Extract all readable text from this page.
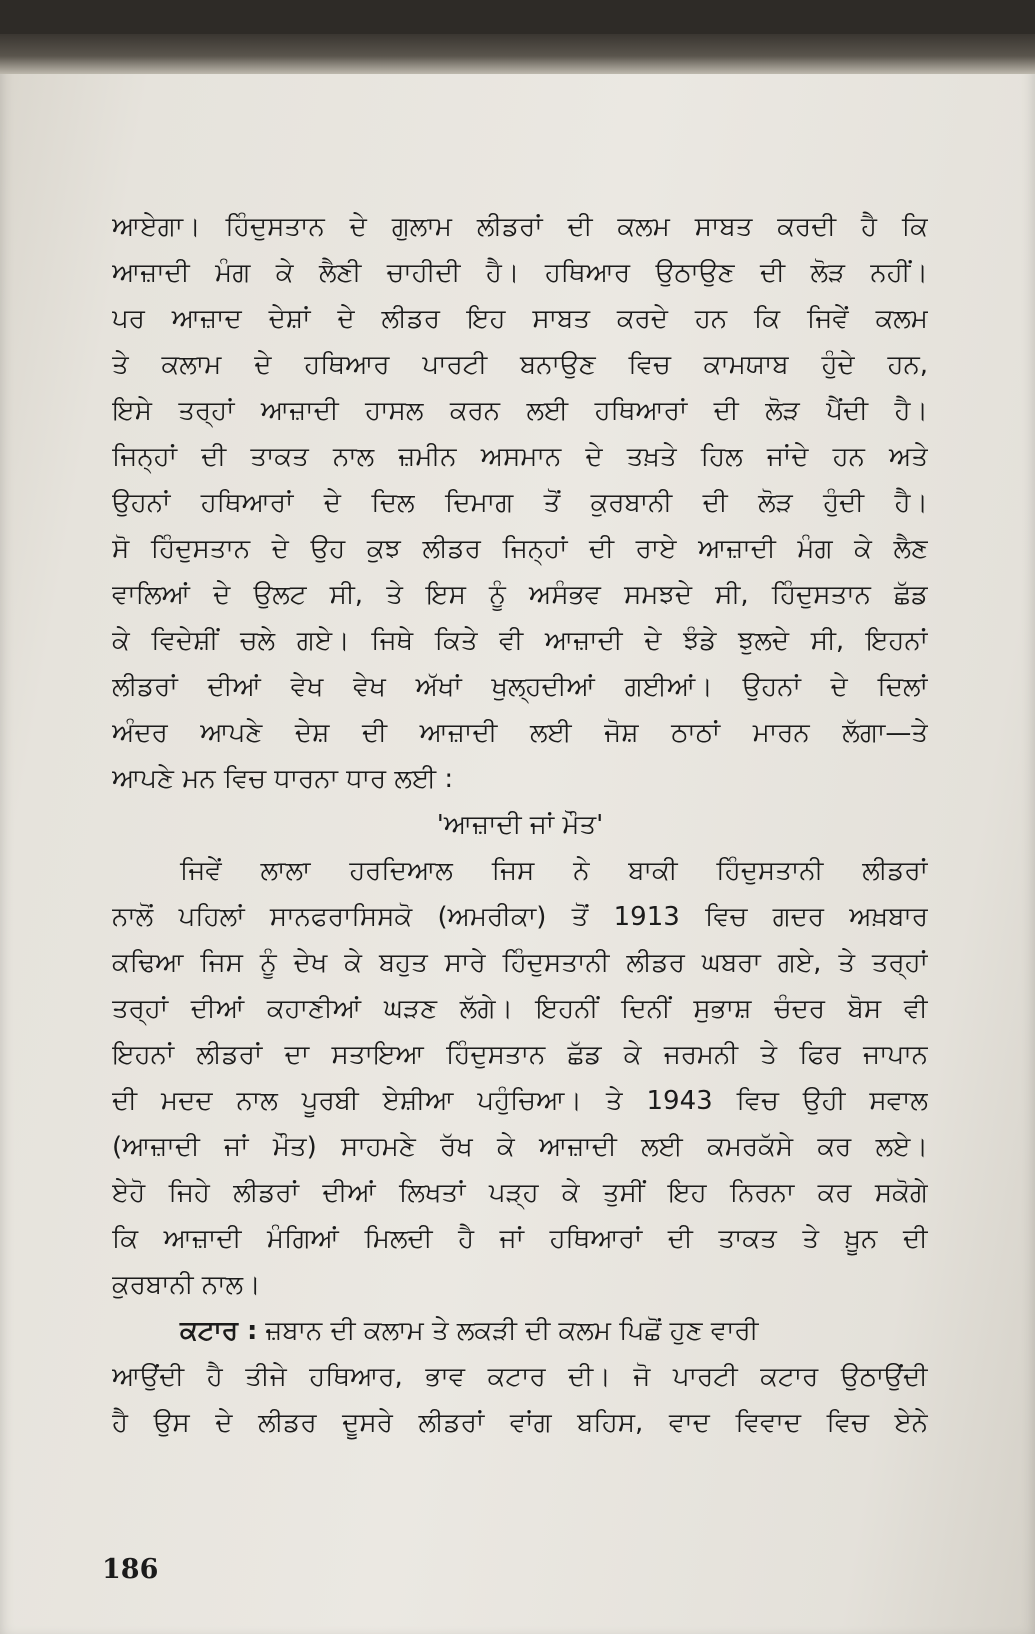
ਆਏਗਾ। ਹਿੰਦੁਸਤਾਨ ਦੇ ਗੁਲਾਮ ਲੀਡਰਾਂ ਦੀ ਕਲਮ ਸਾਬਤ ਕਰਦੀ ਹੈ ਕਿ
ਆਜ਼ਾਦੀ ਮੰਗ ਕੇ ਲੈਣੀ ਚਾਹੀਦੀ ਹੈ। ਹਥਿਆਰ ਉਠਾਉਣ ਦੀ ਲੋੜ ਨਹੀਂ।
ਪਰ ਆਜ਼ਾਦ ਦੇਸ਼ਾਂ ਦੇ ਲੀਡਰ ਇਹ ਸਾਬਤ ਕਰਦੇ ਹਨ ਕਿ ਜਿਵੇਂ ਕਲਮ
ਤੇ ਕਲਾਮ ਦੇ ਹਥਿਆਰ ਪਾਰਟੀ ਬਨਾਉਣ ਵਿਚ ਕਾਮਯਾਬ ਹੁੰਦੇ ਹਨ,
ਇਸੇ ਤਰ੍ਹਾਂ ਆਜ਼ਾਦੀ ਹਾਸਲ ਕਰਨ ਲਈ ਹਥਿਆਰਾਂ ਦੀ ਲੋੜ ਪੈਂਦੀ ਹੈ।
ਜਿਨ੍ਹਾਂ ਦੀ ਤਾਕਤ ਨਾਲ ਜ਼ਮੀਨ ਅਸਮਾਨ ਦੇ ਤਖ਼ਤੇ ਹਿਲ ਜਾਂਦੇ ਹਨ ਅਤੇ
ਉਹਨਾਂ ਹਥਿਆਰਾਂ ਦੇ ਦਿਲ ਦਿਮਾਗ ਤੋਂ ਕੁਰਬਾਨੀ ਦੀ ਲੋੜ ਹੁੰਦੀ ਹੈ।
ਸੋ ਹਿੰਦੁਸਤਾਨ ਦੇ ਉਹ ਕੁਝ ਲੀਡਰ ਜਿਨ੍ਹਾਂ ਦੀ ਰਾਏ ਆਜ਼ਾਦੀ ਮੰਗ ਕੇ ਲੈਣ
ਵਾਲਿਆਂ ਦੇ ਉਲਟ ਸੀ, ਤੇ ਇਸ ਨੂੰ ਅਸੰਭਵ ਸਮਝਦੇ ਸੀ, ਹਿੰਦੁਸਤਾਨ ਛੱਡ
ਕੇ ਵਿਦੇਸ਼ੀਂ ਚਲੇ ਗਏ। ਜਿਥੇ ਕਿਤੇ ਵੀ ਆਜ਼ਾਦੀ ਦੇ ਝੰਡੇ ਝੁਲਦੇ ਸੀ, ਇਹਨਾਂ
ਲੀਡਰਾਂ ਦੀਆਂ ਵੇਖ ਵੇਖ ਅੱਖਾਂ ਖੁਲ੍ਹਦੀਆਂ ਗਈਆਂ। ਉਹਨਾਂ ਦੇ ਦਿਲਾਂ
ਅੰਦਰ ਆਪਣੇ ਦੇਸ਼ ਦੀ ਆਜ਼ਾਦੀ ਲਈ ਜੋਸ਼ ਠਾਠਾਂ ਮਾਰਨ ਲੱਗਾ—ਤੇ
ਆਪਣੇ ਮਨ ਵਿਚ ਧਾਰਨਾ ਧਾਰ ਲਈ :
'ਆਜ਼ਾਦੀ ਜਾਂ ਮੌਤ'
ਜਿਵੇਂ ਲਾਲਾ ਹਰਦਿਆਲ ਜਿਸ ਨੇ ਬਾਕੀ ਹਿੰਦੁਸਤਾਨੀ ਲੀਡਰਾਂ
ਨਾਲੋਂ ਪਹਿਲਾਂ ਸਾਨਫਰਾਸਿਸਕੋ (ਅਮਰੀਕਾ) ਤੋਂ 1913 ਵਿਚ ਗਦਰ ਅਖ਼ਬਾਰ
ਕਢਿਆ ਜਿਸ ਨੂੰ ਦੇਖ ਕੇ ਬਹੁਤ ਸਾਰੇ ਹਿੰਦੁਸਤਾਨੀ ਲੀਡਰ ਘਬਰਾ ਗਏ, ਤੇ ਤਰ੍ਹਾਂ
ਤਰ੍ਹਾਂ ਦੀਆਂ ਕਹਾਣੀਆਂ ਘੜਣ ਲੱਗੇ। ਇਹਨੀਂ ਦਿਨੀਂ ਸੁਭਾਸ਼ ਚੰਦਰ ਬੋਸ ਵੀ
ਇਹਨਾਂ ਲੀਡਰਾਂ ਦਾ ਸਤਾਇਆ ਹਿੰਦੁਸਤਾਨ ਛੱਡ ਕੇ ਜਰਮਨੀ ਤੇ ਫਿਰ ਜਾਪਾਨ
ਦੀ ਮਦਦ ਨਾਲ ਪੂਰਬੀ ਏਸ਼ੀਆ ਪਹੁੰਚਿਆ। ਤੇ 1943 ਵਿਚ ਉਹੀ ਸਵਾਲ
(ਆਜ਼ਾਦੀ ਜਾਂ ਮੌਤ) ਸਾਹਮਣੇ ਰੱਖ ਕੇ ਆਜ਼ਾਦੀ ਲਈ ਕਮਰਕੱਸੇ ਕਰ ਲਏ।
ਏਹੋ ਜਿਹੇ ਲੀਡਰਾਂ ਦੀਆਂ ਲਿਖਤਾਂ ਪੜ੍ਹ ਕੇ ਤੁਸੀਂ ਇਹ ਨਿਰਨਾ ਕਰ ਸਕੋਗੇ
ਕਿ ਆਜ਼ਾਦੀ ਮੰਗਿਆਂ ਮਿਲਦੀ ਹੈ ਜਾਂ ਹਥਿਆਰਾਂ ਦੀ ਤਾਕਤ ਤੇ ਖ਼ੂਨ ਦੀ
ਕੁਰਬਾਨੀ ਨਾਲ।
ਕਟਾਰ : ਜ਼ਬਾਨ ਦੀ ਕਲਾਮ ਤੇ ਲਕੜੀ ਦੀ ਕਲਮ ਪਿਛੋਂ ਹੁਣ ਵਾਰੀ
ਆਉਂਦੀ ਹੈ ਤੀਜੇ ਹਥਿਆਰ, ਭਾਵ ਕਟਾਰ ਦੀ। ਜੋ ਪਾਰਟੀ ਕਟਾਰ ਉਠਾਉਂਦੀ
ਹੈ ਉਸ ਦੇ ਲੀਡਰ ਦੂਸਰੇ ਲੀਡਰਾਂ ਵਾਂਗ ਬਹਿਸ, ਵਾਦ ਵਿਵਾਦ ਵਿਚ ਏਨੇ
186
